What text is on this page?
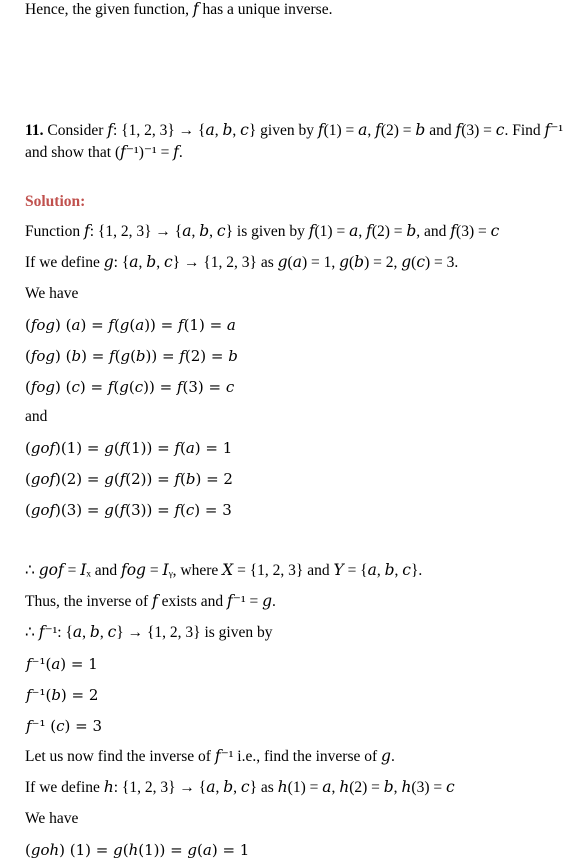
Hence, the given function, 𝑓 has a unique inverse.
11. Consider 𝑓: {1, 2, 3} → {𝑎, 𝑏, 𝑐} given by 𝑓(1) = 𝑎, 𝑓(2) = 𝑏 and 𝑓(3) = 𝑐. Find 𝑓⁻¹
and show that (𝑓⁻¹)⁻¹ = 𝑓.
Solution:
Function 𝑓: {1, 2, 3} → {𝑎, 𝑏, 𝑐} is given by 𝑓(1) = 𝑎, 𝑓(2) = 𝑏, and 𝑓(3) = 𝑐
If we define 𝑔: {𝑎, 𝑏, 𝑐} → {1, 2, 3} as 𝑔(𝑎) = 1, 𝑔(𝑏) = 2, 𝑔(𝑐) = 3.
We have
(𝑓𝑜𝑔) (𝑎) = 𝑓(𝑔(𝑎)) = 𝑓(1) = 𝑎
(𝑓𝑜𝑔) (𝑏) = 𝑓(𝑔(𝑏)) = 𝑓(2) = 𝑏
(𝑓𝑜𝑔) (𝑐) = 𝑓(𝑔(𝑐)) = 𝑓(3) = 𝑐
and
(𝑔𝑜𝑓)(1) = 𝑔(𝑓(1)) = 𝑓(𝑎) = 1
(𝑔𝑜𝑓)(2) = 𝑔(𝑓(2)) = 𝑓(𝑏) = 2
(𝑔𝑜𝑓)(3) = 𝑔(𝑓(3)) = 𝑓(𝑐) = 3
∴ 𝑔𝑜𝑓 = 𝐼ₓ and 𝑓𝑜𝑔 = 𝐼ᵧ, where 𝑋 = {1, 2, 3} and 𝑌 = {𝑎, 𝑏, 𝑐}.
Thus, the inverse of 𝑓 exists and 𝑓⁻¹ = 𝑔.
∴ 𝑓⁻¹: {𝑎, 𝑏, 𝑐} → {1, 2, 3} is given by
𝑓⁻¹(𝑎) = 1
𝑓⁻¹(𝑏) = 2
𝑓⁻¹ (𝑐) = 3
Let us now find the inverse of 𝑓⁻¹ i.e., find the inverse of 𝑔.
If we define ℎ: {1, 2, 3} → {𝑎, 𝑏, 𝑐} as ℎ(1) = 𝑎, ℎ(2) = 𝑏, ℎ(3) = 𝑐
We have
(𝑔𝑜ℎ) (1) = 𝑔(ℎ(1)) = 𝑔(𝑎) = 1
